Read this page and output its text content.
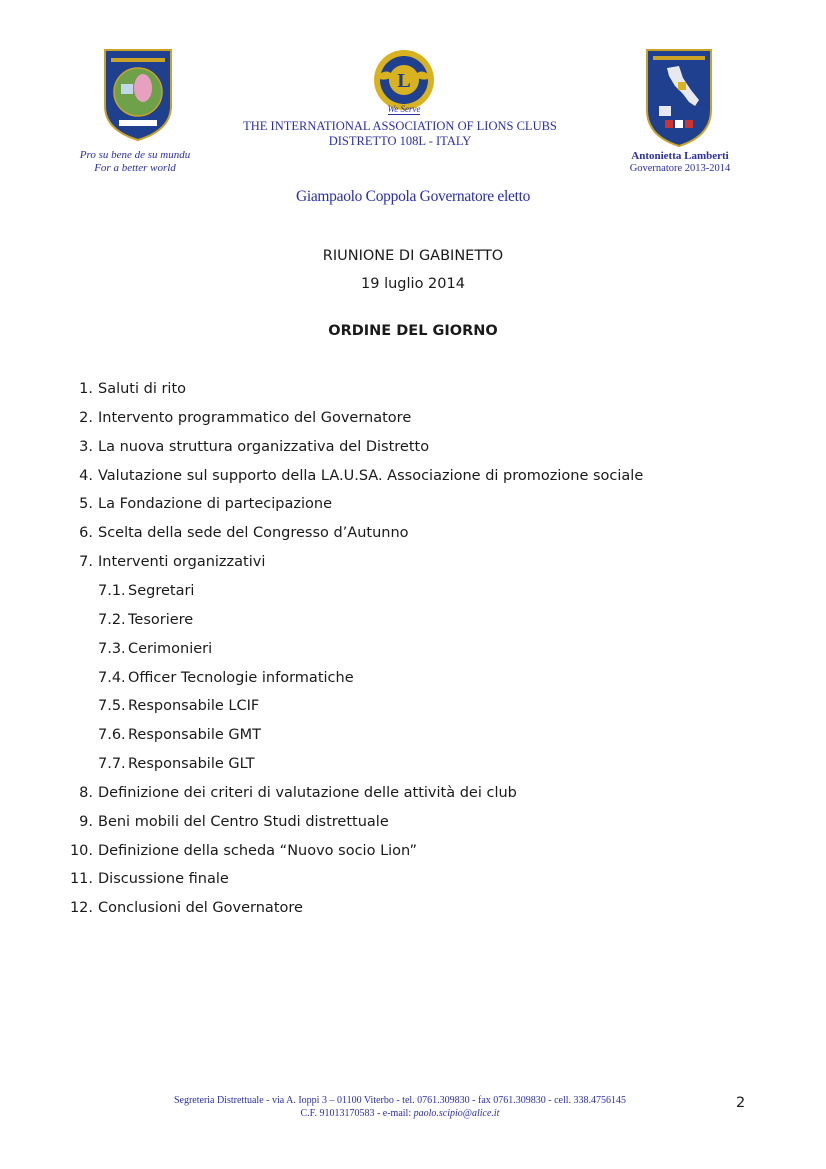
L
We Serve
Pro su bene de su mundu
For a better world
THE INTERNATIONAL ASSOCIATION OF LIONS CLUBS
DISTRETTO 108L - ITALY
Antonietta Lamberti
Governatore 2013-2014
Giampaolo Coppola Governatore eletto
RIUNIONE DI GABINETTO
19 luglio 2014
ORDINE DEL GIORNO
1. Saluti di rito
2. Intervento programmatico del Governatore
3. La nuova struttura organizzativa del Distretto
4. Valutazione sul supporto della LA.U.SA. Associazione di promozione sociale
5. La Fondazione di partecipazione
6. Scelta della sede del Congresso d’Autunno
7. Interventi organizzativi
7.1. Segretari
7.2. Tesoriere
7.3. Cerimonieri
7.4. Officer Tecnologie informatiche
7.5. Responsabile LCIF
7.6. Responsabile GMT
7.7. Responsabile GLT
8. Definizione dei criteri di valutazione delle attività dei club
9. Beni mobili del Centro Studi distrettuale
10. Definizione della scheda “Nuovo socio Lion”
11. Discussione finale
12. Conclusioni del Governatore
Segreteria Distrettuale - via A. Ioppi 3 – 01100 Viterbo - tel. 0761.309830 - fax 0761.309830 - cell. 338.4756145
C.F. 91013170583 - e-mail: paolo.scipio@alice.it
2
